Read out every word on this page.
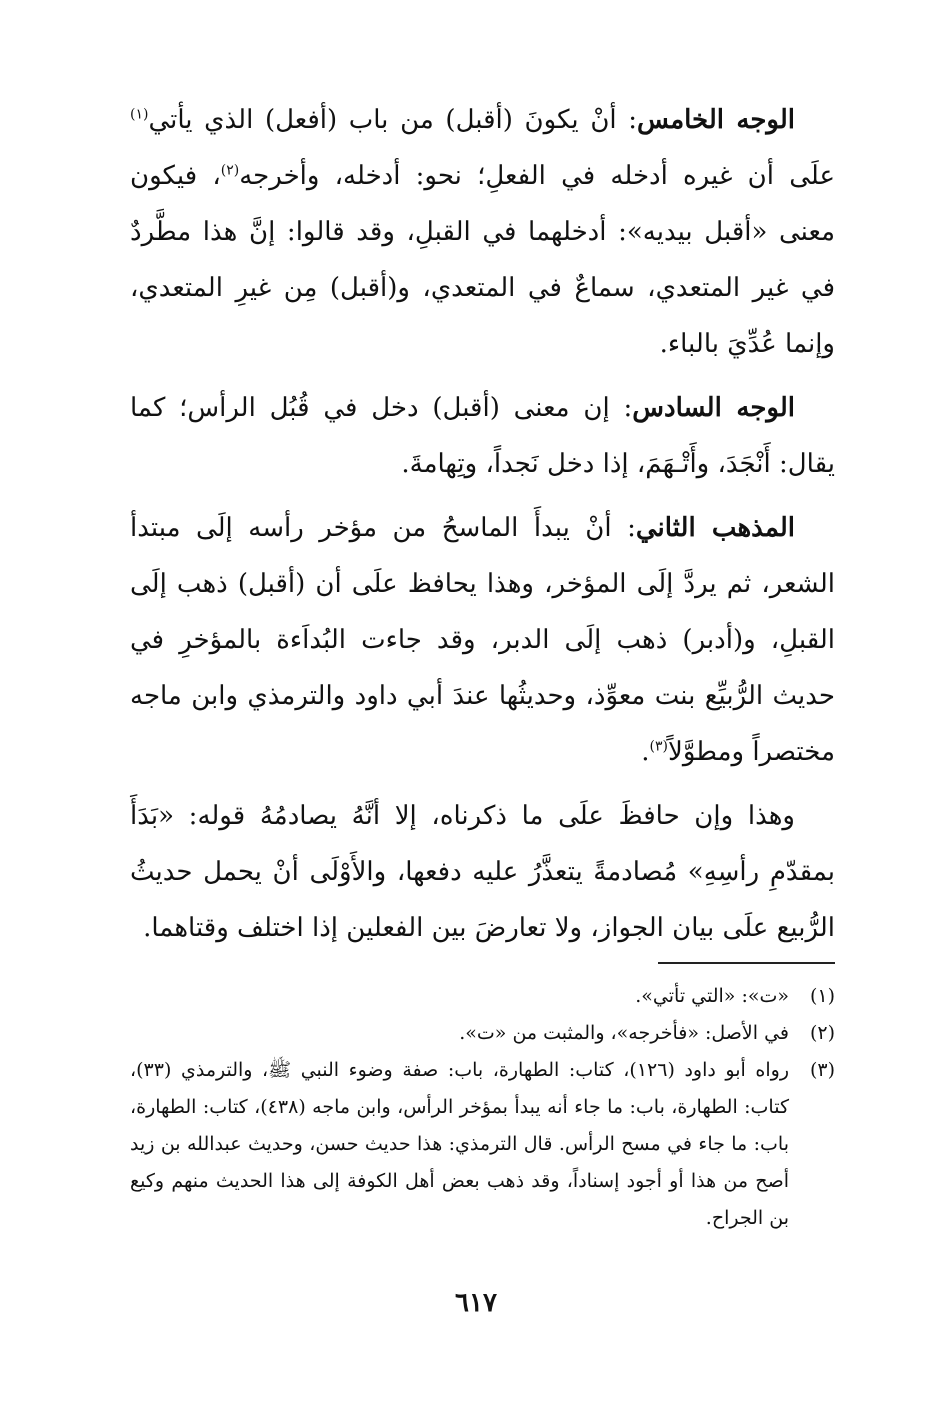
الوجه الخامس: أنْ يكونَ (أقبل) من باب (أفعل) الذي يأتي$^{(١)}$ علَى أن غيره أدخله في الفعلِ؛ نحو: أدخله، وأخرجه$^{(٢)}$، فيكون معنى «أقبل بيديه»: أدخلهما في القبلِ، وقد قالوا: إنَّ هذا مطَّردٌ في غير المتعدي، سماعٌ في المتعدي، و(أقبل) مِن غيرِ المتعدي، وإنما عُدِّيَ بالباء.

الوجه السادس: إن معنى (أقبل) دخل في قُبُل الرأس؛ كما يقال: أَنْجَدَ، وأَتْـهَمَ، إذا دخل نَجداً، وتِهامةَ.

المذهب الثاني: أنْ يبدأَ الماسحُ من مؤخر رأسه إلَى مبتدأ الشعر، ثم يردَّ إلَى المؤخر، وهذا يحافظ علَى أن (أقبل) ذهب إلَى القبلِ، و(أدبر) ذهب إلَى الدبر، وقد جاءت البُداَءة بالمؤخرِ في حديث الرُّبيِّع بنت معوِّذ، وحديثُها عندَ أبي داود والترمذي وابن ماجه مختصراً ومطوَّلاً$^{(٣)}$.

وهذا وإن حافظَ علَى ما ذكرناه، إلا أنَّهُ يصادمُهُ قوله: «بَدَأَ بمقدّمِ رأسِهِ» مُصادمةً يتعذَّرُ عليه دفعها، والأَوْلَى أنْ يحمل حديثُ الرُّبيع علَى بيان الجواز، ولا تعارضَ بين الفعلين إذا اختلف وقتاهما.

(١)
«ت»: «التي تأتي».
(٢)
في الأصل: «فأخرجه»، والمثبت من «ت».
(٣)
رواه أبو داود (١٢٦)، كتاب: الطهارة، باب: صفة وضوء النبي ﷺ، والترمذي (٣٣)، كتاب: الطهارة، باب: ما جاء أنه يبدأ بمؤخر الرأس، وابن ماجه (٤٣٨)، كتاب: الطهارة، باب: ما جاء في مسح الرأس. قال الترمذي: هذا حديث حسن، وحديث عبدالله بن زيد أصح من هذا أو أجود إسناداً، وقد ذهب بعض أهل الكوفة إلى هذا الحديث منهم وكيع بن الجراح.
٦١٧
